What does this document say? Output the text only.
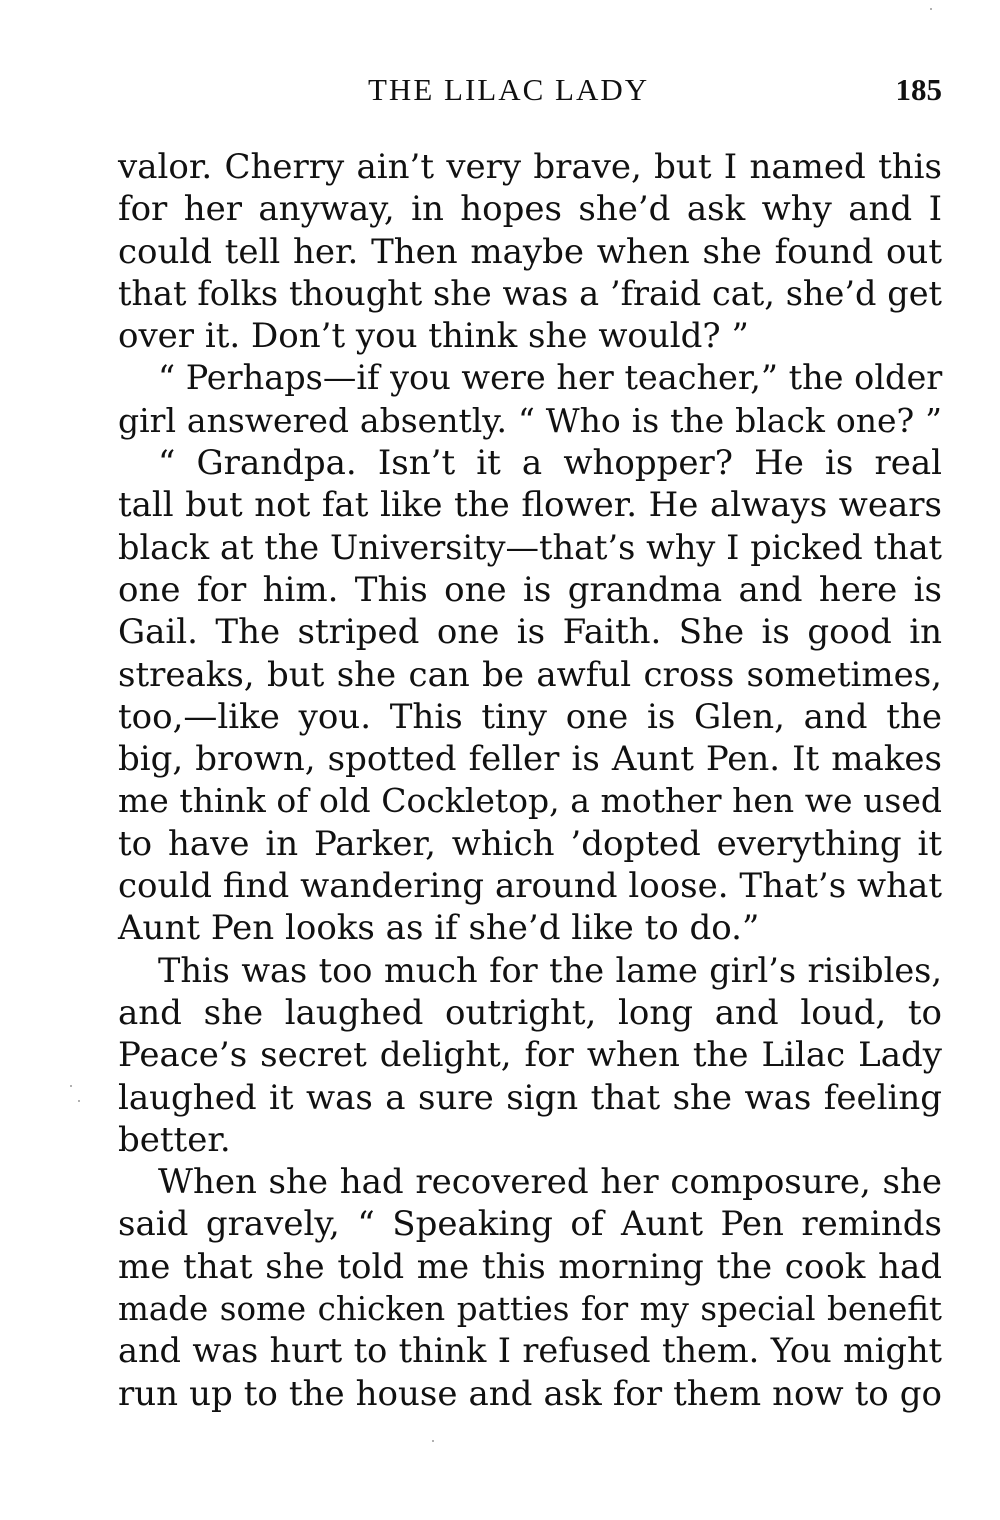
THE LILAC LADY	185
valor. Cherry ain’t very brave, but I named this
for her anyway, in hopes she’d ask why and I
could tell her. Then maybe when she found out
that folks thought she was a ’fraid cat, she’d get
over it. Don’t you think she would? ”
“ Perhaps—if you were her teacher,” the older
girl answered absently. “ Who is the black one? ”
“ Grandpa. Isn’t it a whopper? He is real
tall but not fat like the flower. He always wears
black at the University—that’s why I picked that
one for him. This one is grandma and here is
Gail. The striped one is Faith. She is good in
streaks, but she can be awful cross sometimes,
too,—like you. This tiny one is Glen, and the
big, brown, spotted feller is Aunt Pen. It makes
me think of old Cockletop, a mother hen we used
to have in Parker, which ’dopted everything it
could find wandering around loose. That’s what
Aunt Pen looks as if she’d like to do.”
This was too much for the lame girl’s risibles,
and she laughed outright, long and loud, to
Peace’s secret delight, for when the Lilac Lady
laughed it was a sure sign that she was feeling
better.
When she had recovered her composure, she
said gravely, “ Speaking of Aunt Pen reminds
me that she told me this morning the cook had
made some chicken patties for my special benefit
and was hurt to think I refused them. You might
run up to the house and ask for them now to go
